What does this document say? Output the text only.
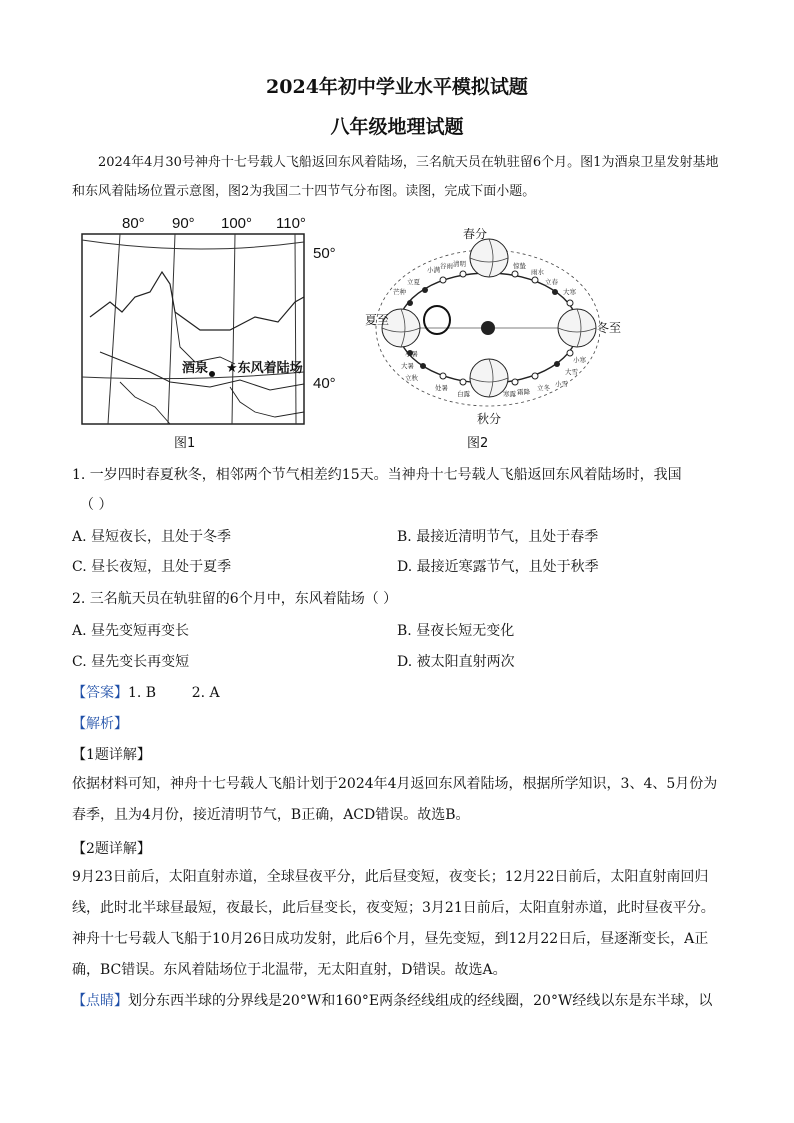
2024年初中学业水平模拟试题
八年级地理试题
2024年4月30号神舟十七号载人飞船返回东风着陆场，三名航天员在轨驻留6个月。图1为酒泉卫星发射基地和东风着陆场位置示意图，图2为我国二十四节气分布图。读图，完成下面小题。
80° 90° 100° 110°
50°
40°
酒泉 ★东风着陆场
图1
春分
夏至
冬至
秋分
立夏
小满
芒种
清明
谷雨	惊蛰
雨水
立春
大寒
小寒
大雪
小雪
立冬
霜降
寒露
白露
处暑
立秋
大暑
小暑
图2
1. 一岁四时春夏秋冬，相邻两个节气相差约15天。当神舟十七号载人飞船返回东风着陆场时，我国
（ ）
A. 昼短夜长，且处于冬季	B. 最接近清明节气，且处于春季
C. 昼长夜短，且处于夏季	D. 最接近寒露节气，且处于秋季
2. 三名航天员在轨驻留的6个月中，东风着陆场（ ）
A. 昼先变短再变长	B. 昼夜长短无变化
C. 昼先变长再变短	D. 被太阳直射两次
【答案】1. B        2. A
【解析】
【1题详解】
依据材料可知，神舟十七号载人飞船计划于2024年4月返回东风着陆场，根据所学知识，3、4、5月份为春季，且为4月份，接近清明节气，B正确，ACD错误。故选B。
【2题详解】
9月23日前后，太阳直射赤道，全球昼夜平分，此后昼变短，夜变长；12月22日前后，太阳直射南回归线，此时北半球昼最短，夜最长，此后昼变长，夜变短；3月21日前后，太阳直射赤道，此时昼夜平分。神舟十七号载人飞船于10月26日成功发射，此后6个月，昼先变短，到12月22日后，昼逐渐变长，A正确，BC错误。东风着陆场位于北温带，无太阳直射，D错误。故选A。
【点睛】划分东西半球的分界线是20°W和160°E两条经线组成的经线圈，20°W经线以东是东半球，以
